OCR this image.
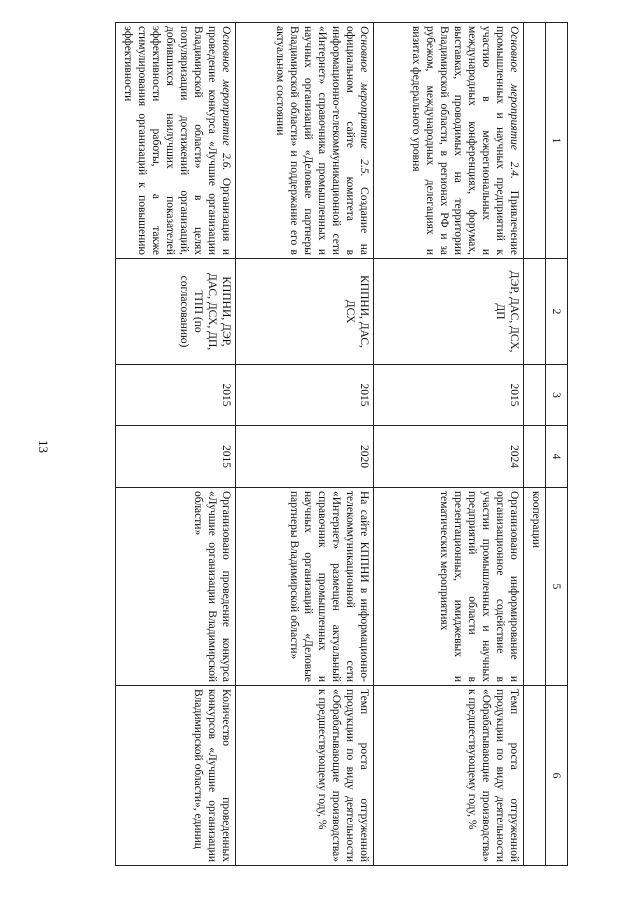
13
1	2	3	4	5	6
				кооперации	
Основное мероприятие 2.4. Привлечение промышленных и научных предприятий к участию в межрегиональных и международных конференциях, форумах, выставках, проводимых на территории Владимирской области, в регионах РФ и за рубежом, международных делегациях и визитах федерального уровня	ДЭР, ДАС, ДСХ, ДП	2015	2024	Организовано информирование и организационное содействие в участии промышленных и научных предприятий области в презентационных, имиджевых и тематических мероприятиях	Темп роста отгруженной продукции по виду деятельности «Обрабатывающие производства» к предшествующему году, %
Основное мероприятие 2.5. Создание на официальном сайте комитета в информационно-телекоммуникационной сети «Интернет» справочника промышленных и научных организаций «Деловые партнеры Владимирской области» и поддержание его в актуальном состоянии	КППНИ, ДАС, ДСХ	2015	2020	На сайте КППНИ в информационно-телекоммуникационной сети «Интернет» размещен актуальный справочник промышленных и научных организаций «Деловые партнеры Владимирской области»	Темп роста отгруженной продукции по виду деятельности «Обрабатывающие производства» к предшествующему году, %
Основное мероприятие 2.6. Организация и проведение конкурса «Лучшие организации Владимирской области» в целях популяризации достижений организаций, добившихся наилучших показателей эффективности работы, а также стимулирования организаций к повышению эффективности	КППНИ, ДЭР, ДАС, ДСХ, ДП, ТПП (по согласованию)	2015	2015	Организовано проведение конкурса «Лучшие организации Владимирской области»	Количество проведенных конкурсов «Лучшие организации Владимирской области», единиц
